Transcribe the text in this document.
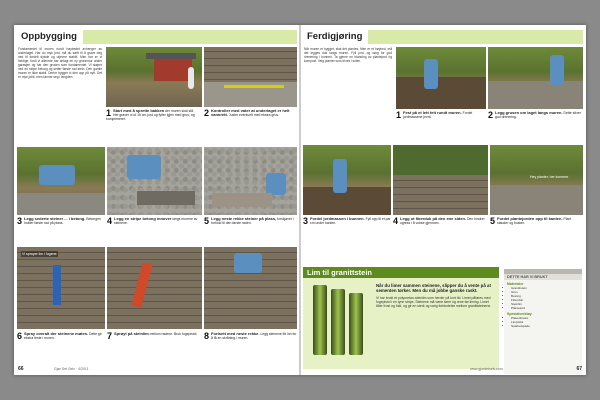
Oppbygging
Fundamentet til muren rundt høybedet avhenger av underlaget. Har du myk jord, må du sætt til å grave deg ned til fordelt dybde og utjevne stabilt. Men har er vi heldige, fordi vi allerede har anlagt en ny grunnmur under garasjen og har den grusen som fundamentet. Vi støper ned en stripe betong og setter første rad stein. Den gamle muren er ikke stabil. Derfor bygger vi den opp på nytt. Det er mye jobb, men lønner seg i lengden.
1 Start med å sprette bakken der muren skal stå. Her graver vi ut 15 cm jord og fyller igjen med grus, og komprimerer.
2 Kontroller med vater at underlaget er helt vannrett. Juster eventuelt med ekstra grus.
3 Legg sederte steiner ... i betong. Betongen holder første rad på plass.	4 Legg en stripe betong innover langs murene av steinene.	5 Legg neste rekke steiner på plass, forskjøvet i forhold til den første raden.
Vi sprayer lim i fugene
6 Spray overalt der steinene møtes. Dette gir ekstra feste i muren.	7 Sprøyt på steinlim mellom radene. Bruk fugepistol. 8 Fortsett med neste rekke. Legg steinene litt inn for å få en skråning i muren.
66	Gjør Det Selv · 4/2011
Ferdigjøring
Når muren er bygget, skal det plantes. Men er et høybed, må det legges duk langs muren. Fyll jord, og sørg for god drenering i bunnen. Ta gjerne en blanding av plantejord og kompost. Velg planter som trives i solen.
1 Fest på et lett felt rundt muren. Fordel jordmassene jevnt.	2 Legg grusen om laget langs muren. Dette sikrer god drenering.
Hey planter, her kommer
3 Fordel jordmassen i bunnen. Fyll opp til et par cm under kanten.	4 Legg ut fiberduk på den ene siden. Den hindrer ugress i å vokse gjennom.	5 Fordel plantejorden opp til kanten. Plant stauder og busker.
Lim til granittstein
Når du limer sammen steinene, slipper du å vente på at sementen tørker. Men du må jobbe ganske raskt.
Vi har brukt et polyuretan-steinlim som herder på kort tid. Limet påføres med fugepistol i en tynn stripe. Steinene må være tørre og rene før liming. Limet tåler frost og fukt, og gir en sterk og varig forbindelse mellom granittsteinene.
DETTE HAR VI BRUKT
Materialer
• Granittstein
• Grus
• Betong
• Fiberduk
• Steinlim
• Plantejord
Spesialverktøy
• Platevibrator
• Limpistol
• Sparkelspade
www.gjordetselv.com	67
